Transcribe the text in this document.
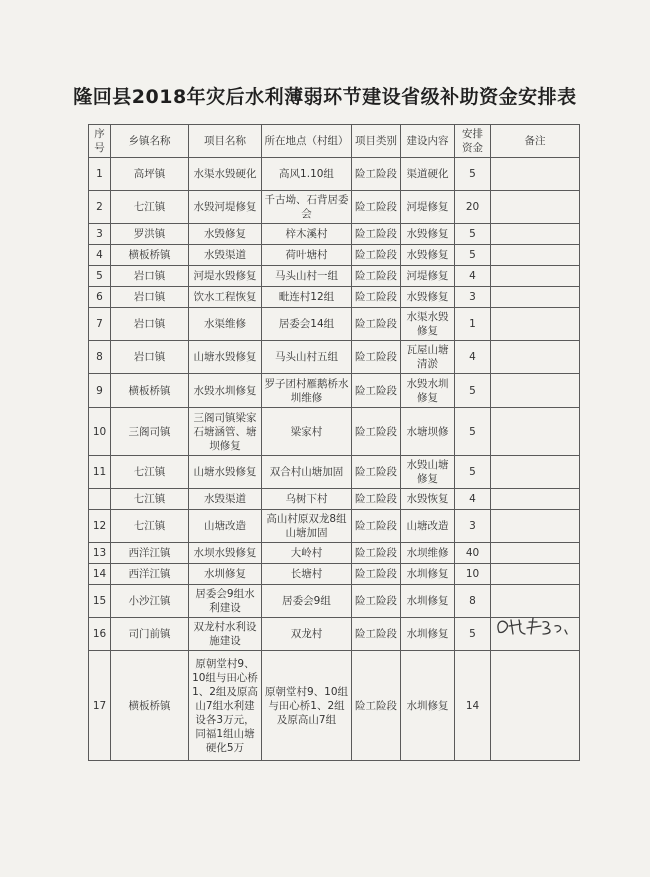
隆回县2018年灾后水利薄弱环节建设省级补助资金安排表
序号	乡镇名称	项目名称	所在地点（村组）	项目类别	建设内容	安排资金	备注
1	高坪镇	水渠水毁硬化	高风1.10组	险工险段	渠道硬化	5	
2	七江镇	水毁河堤修复	千古坳、石背居委会	险工险段	河堤修复	20	
3	罗洪镇	水毁修复	梓木溪村	险工险段	水毁修复	5	
4	横板桥镇	水毁渠道	荷叶塘村	险工险段	水毁修复	5	
5	岩口镇	河堤水毁修复	马头山村一组	险工险段	河堤修复	4	
6	岩口镇	饮水工程恢复	毗连村12组	险工险段	水毁修复	3	
7	岩口镇	水渠维修	居委会14组	险工险段	水渠水毁修复	1	
8	岩口镇	山塘水毁修复	马头山村五组	险工险段	瓦屋山塘清淤	4	
9	横板桥镇	水毁水圳修复	罗子团村雁鹅桥水圳维修	险工险段	水毁水圳修复	5	
10	三阁司镇	三阁司镇梁家石塘涵管、塘坝修复	梁家村	险工险段	水塘坝修	5	
11	七江镇	山塘水毁修复	双合村山塘加固	险工险段	水毁山塘修复	5	
	七江镇	水毁渠道	乌树下村	险工险段	水毁恢复	4	
12	七江镇	山塘改造	高山村原双龙8组山塘加固	险工险段	山塘改造	3	
13	西洋江镇	水坝水毁修复	大岭村	险工险段	水坝维修	40	
14	西洋江镇	水圳修复	长塘村	险工险段	水圳修复	10	
15	小沙江镇	居委会9组水利建设	居委会9组	险工险段	水圳修复	8	
16	司门前镇	双龙村水利设施建设	双龙村	险工险段	水圳修复	5	
17	横板桥镇	原朝堂村9、10组与田心桥1、2组及原高山7组水利建设各3万元，同福1组山塘硬化5万	原朝堂村9、10组与田心桥1、2组及原高山7组	险工险段	水圳修复	14	
